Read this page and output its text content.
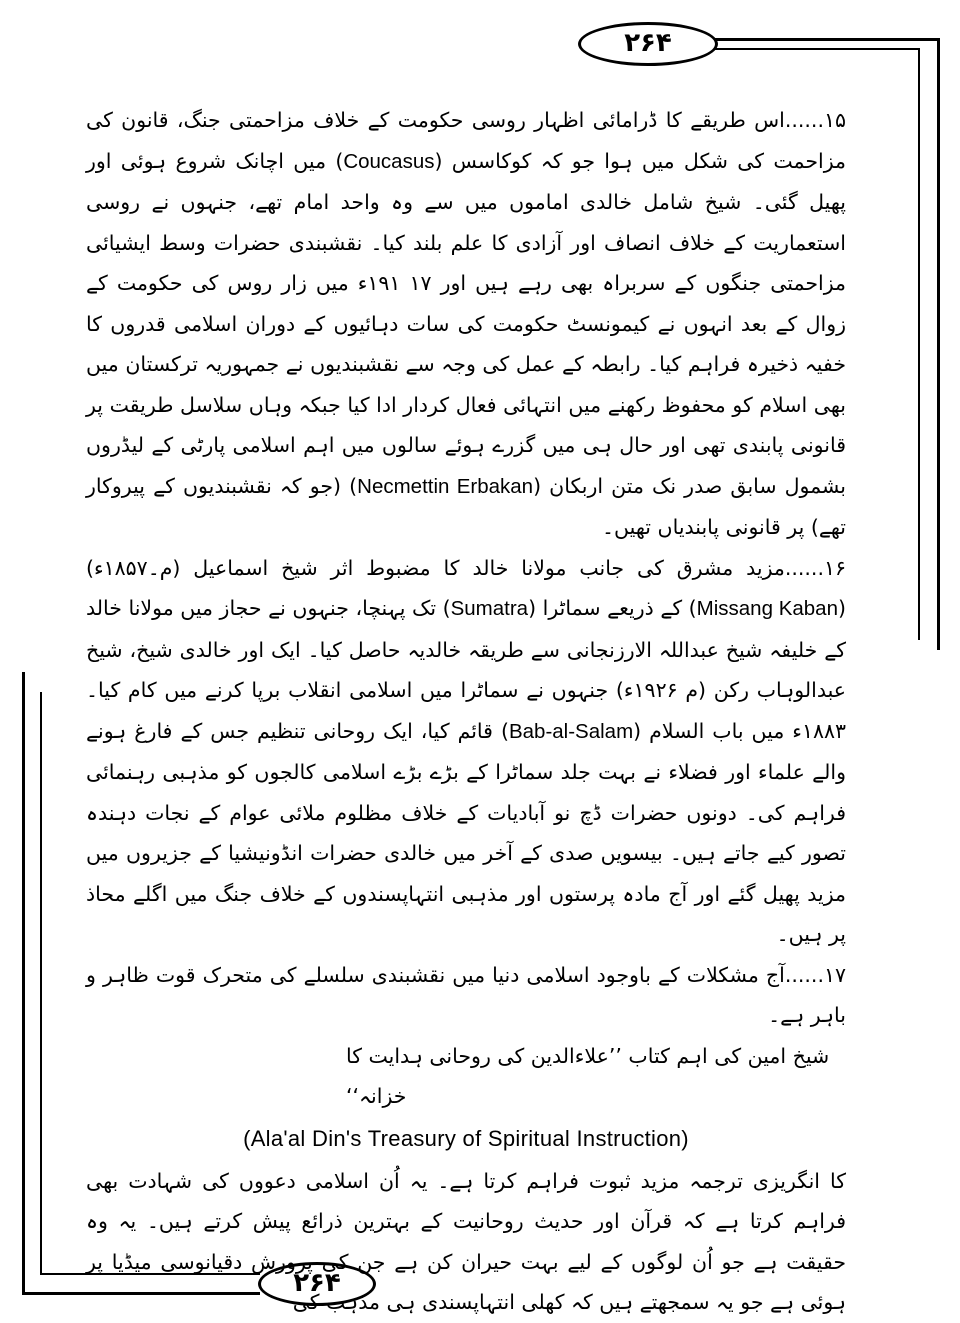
۲۶۴
۲۶۴

۱۵......اس طریقے کا ڈرامائی اظہار روسی حکومت کے خلاف مزاحمتی جنگ، قانون کی مزاحمت کی شکل میں ہوا جو کہ کوکاسس (Coucasus) میں اچانک شروع ہوئی اور پھیل گئی۔ شیخ شامل خالدی اماموں میں سے وہ واحد امام تھے، جنہوں نے روسی استعماریت کے خلاف انصاف اور آزادی کا علم بلند کیا۔ نقشبندی حضرات وسط ایشیائی مزاحمتی جنگوں کے سربراہ بھی رہے ہیں اور ۱۷ ۱۹۱ء میں زار روس کی حکومت کے زوال کے بعد انہوں نے کیمونسٹ حکومت کی سات دہائیوں کے دوران اسلامی قدروں کا خفیہ ذخیرہ فراہم کیا۔ رابطہ کے عمل کی وجہ سے نقشبندیوں نے جمہوریہ ترکستان میں بھی اسلام کو محفوظ رکھنے میں انتہائی فعال کردار ادا کیا جبکہ وہاں سلاسل طریقت پر قانونی پابندی تھی اور حال ہی میں گزرے ہوئے سالوں میں اہم اسلامی پارٹی کے لیڈروں بشمول سابق صدر نک متن اربکان (Necmettin Erbakan) (جو کہ نقشبندیوں کے پیروکار تھے) پر قانونی پابندیاں تھیں۔

۱۶......مزید مشرق کی جانب مولانا خالد کا مضبوط اثر شیخ اسماعیل (م۔۱۸۵۷ء) (Missang Kaban) کے ذریعے سماٹرا (Sumatra) تک پہنچا، جنہوں نے حجاز میں مولانا خالد کے خلیفہ شیخ عبداللہ الارزنجانی سے طریقہ خالدیہ حاصل کیا۔ ایک اور خالدی شیخ، شیخ عبدالوہاب رکن (م ۱۹۲۶ء) جنہوں نے سماٹرا میں اسلامی انقلاب برپا کرنے میں کام کیا۔ ۱۸۸۳ء میں باب السلام (Bab-al-Salam) قائم کیا، ایک روحانی تنظیم جس کے فارغ ہونے والے علماء اور فضلاء نے بہت جلد سماٹرا کے بڑے بڑے اسلامی کالجوں کو مذہبی رہنمائی فراہم کی۔ دونوں حضرات ڈچ نو آبادیات کے خلاف مظلوم ملائی عوام کے نجات دہندہ تصور کیے جاتے ہیں۔ بیسویں صدی کے آخر میں خالدی حضرات انڈونیشیا کے جزیروں میں مزید پھیل گئے اور آج مادہ پرستوں اور مذہبی انتہاپسندوں کے خلاف جنگ میں اگلے محاذ پر ہیں۔

۱۷......آج مشکلات کے باوجود اسلامی دنیا میں نقشبندی سلسلے کی متحرک قوت ظاہر و باہر ہے۔

شیخ امین کی اہم کتاب ’’علاءالدین کی روحانی ہدایت کا خزانہ‘‘

(Ala'al Din's Treasury of Spiritual Instruction)

کا انگریزی ترجمہ مزید ثبوت فراہم کرتا ہے۔ یہ اُن اسلامی دعووں کی شہادت بھی فراہم کرتا ہے کہ قرآن اور حدیث روحانیت کے بہترین ذرائع پیش کرتے ہیں۔ یہ وہ حقیقت ہے جو اُن لوگوں کے لیے بہت حیران کن ہے جن کی پرورش دقیانوسی میڈیا پر ہوئی ہے جو یہ سمجھتے ہیں کہ کھلی انتہاپسندی ہی مذہب کی
